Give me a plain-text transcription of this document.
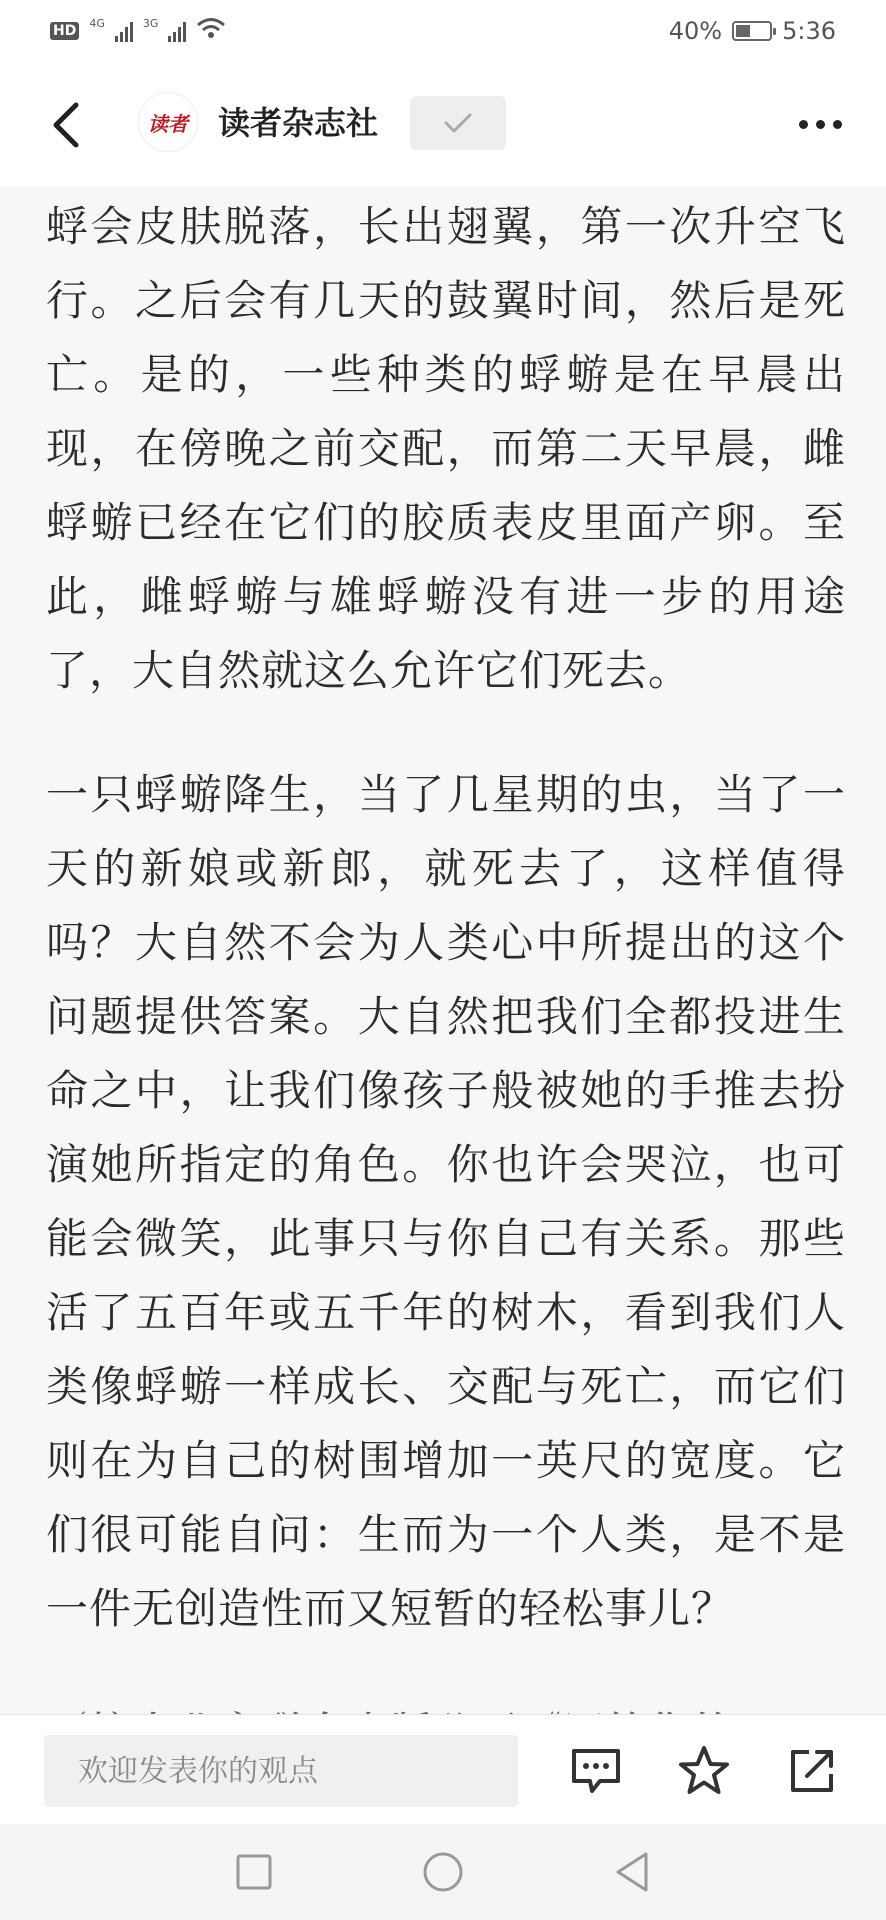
HD 4G	3G	40%	5:36
读者 读者杂志社

蜉会皮肤脱落，长出翅翼，第一次升空飞行。之后会有几天的鼓翼时间，然后是死亡。是的，一些种类的蜉蝣是在早晨出现，在傍晚之前交配，而第二天早晨，雌蜉蝣已经在它们的胶质表皮里面产卵。至此，雌蜉蝣与雄蜉蝣没有进一步的用途了，大自然就这么允许它们死去。

一只蜉蝣降生，当了几星期的虫，当了一天的新娘或新郎，就死去了，这样值得吗？大自然不会为人类心中所提出的这个问题提供答案。大自然把我们全都投进生命之中，让我们像孩子般被她的手推去扮演她所指定的角色。你也许会哭泣，也可能会微笑，此事只与你自己有关系。那些活了五百年或五千年的树木，看到我们人类像蜉蝣一样成长、交配与死亡，而它们则在为自己的树围增加一英尺的宽度。它们很可能自问：生而为一个人类，是不是一件无创造性而又短暂的轻松事儿？

欢迎发表你的观点
